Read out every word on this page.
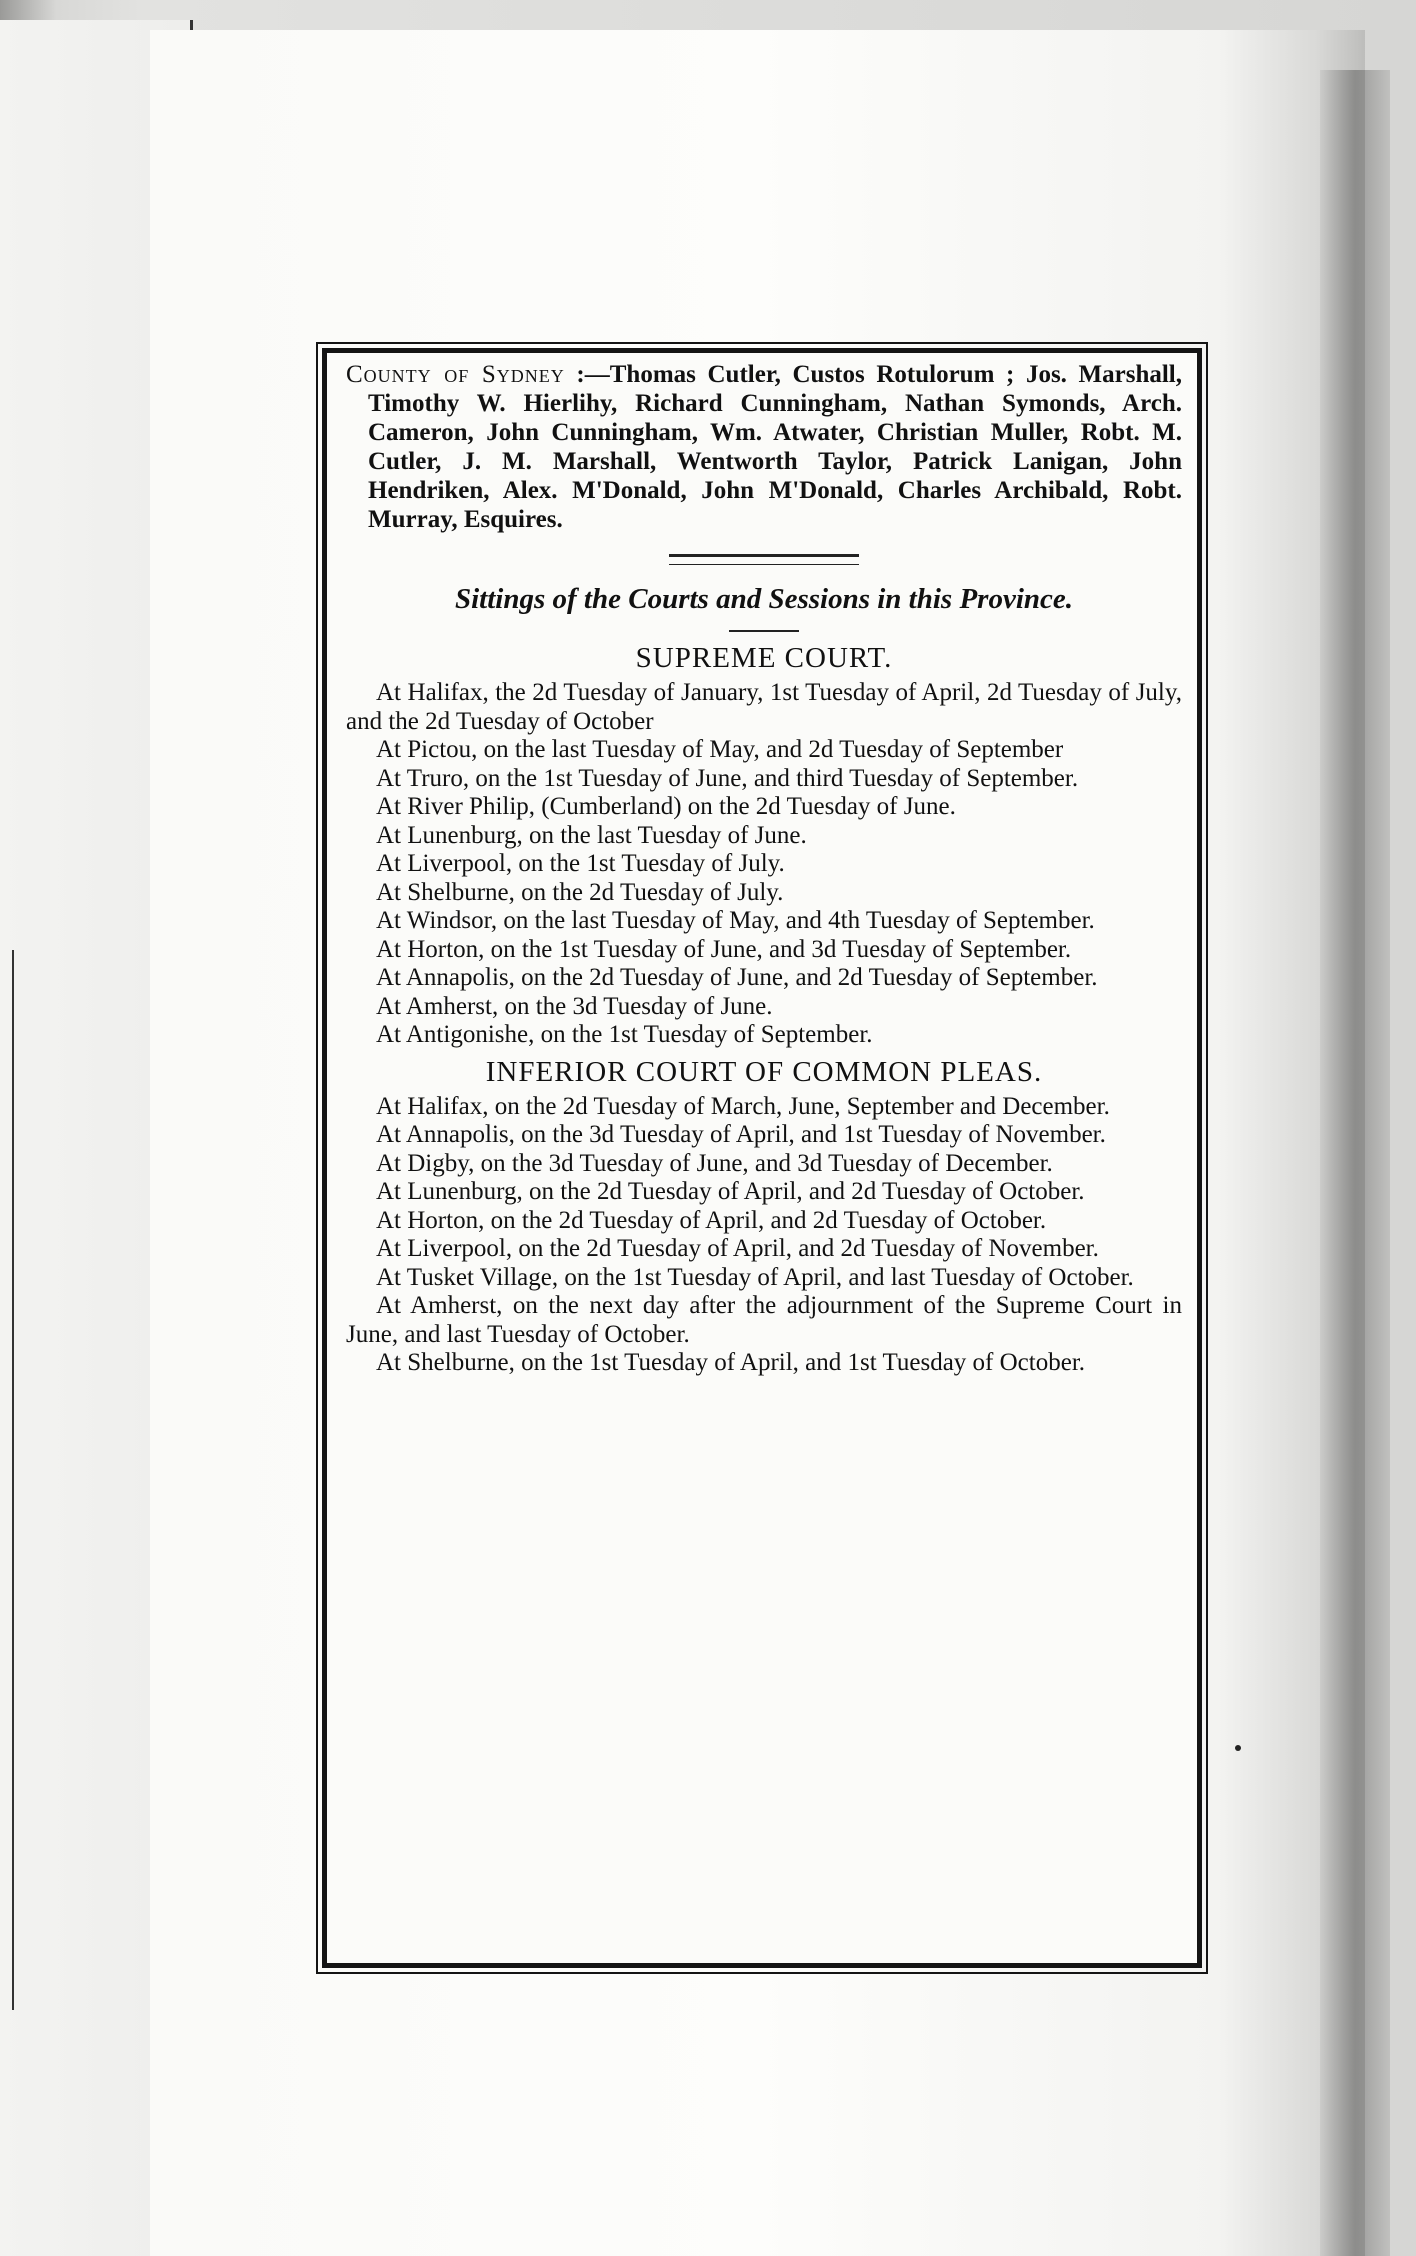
County of Sydney :—Thomas Cutler, Custos Rotulorum ; Jos. Marshall, Timothy W. Hierlihy, Richard Cunningham, Nathan Symonds, Arch. Cameron, John Cunningham, Wm. Atwater, Christian Muller, Robt. M. Cutler, J. M. Marshall, Wentworth Taylor, Patrick Lanigan, John Hendriken, Alex. M'Donald, John M'Donald, Charles Archibald, Robt. Murray, Esquires.

Sittings of the Courts and Sessions in this Province.

SUPREME COURT.

At Halifax, the 2d Tuesday of January, 1st Tuesday of April, 2d Tuesday of July, and the 2d Tuesday of October

At Pictou, on the last Tuesday of May, and 2d Tuesday of September

At Truro, on the 1st Tuesday of June, and third Tuesday of September.

At River Philip, (Cumberland) on the 2d Tuesday of June.

At Lunenburg, on the last Tuesday of June.

At Liverpool, on the 1st Tuesday of July.

At Shelburne, on the 2d Tuesday of July.

At Windsor, on the last Tuesday of May, and 4th Tuesday of September.

At Horton, on the 1st Tuesday of June, and 3d Tuesday of September.

At Annapolis, on the 2d Tuesday of June, and 2d Tuesday of September.

At Amherst, on the 3d Tuesday of June.

At Antigonishe, on the 1st Tuesday of September.

INFERIOR COURT OF COMMON PLEAS.

At Halifax, on the 2d Tuesday of March, June, September and December.

At Annapolis, on the 3d Tuesday of April, and 1st Tuesday of November.

At Digby, on the 3d Tuesday of June, and 3d Tuesday of December.

At Lunenburg, on the 2d Tuesday of April, and 2d Tuesday of October.

At Horton, on the 2d Tuesday of April, and 2d Tuesday of October.

At Liverpool, on the 2d Tuesday of April, and 2d Tuesday of November.

At Tusket Village, on the 1st Tuesday of April, and last Tuesday of October.

At Amherst, on the next day after the adjournment of the Supreme Court in June, and last Tuesday of October.

At Shelburne, on the 1st Tuesday of April, and 1st Tuesday of October.
